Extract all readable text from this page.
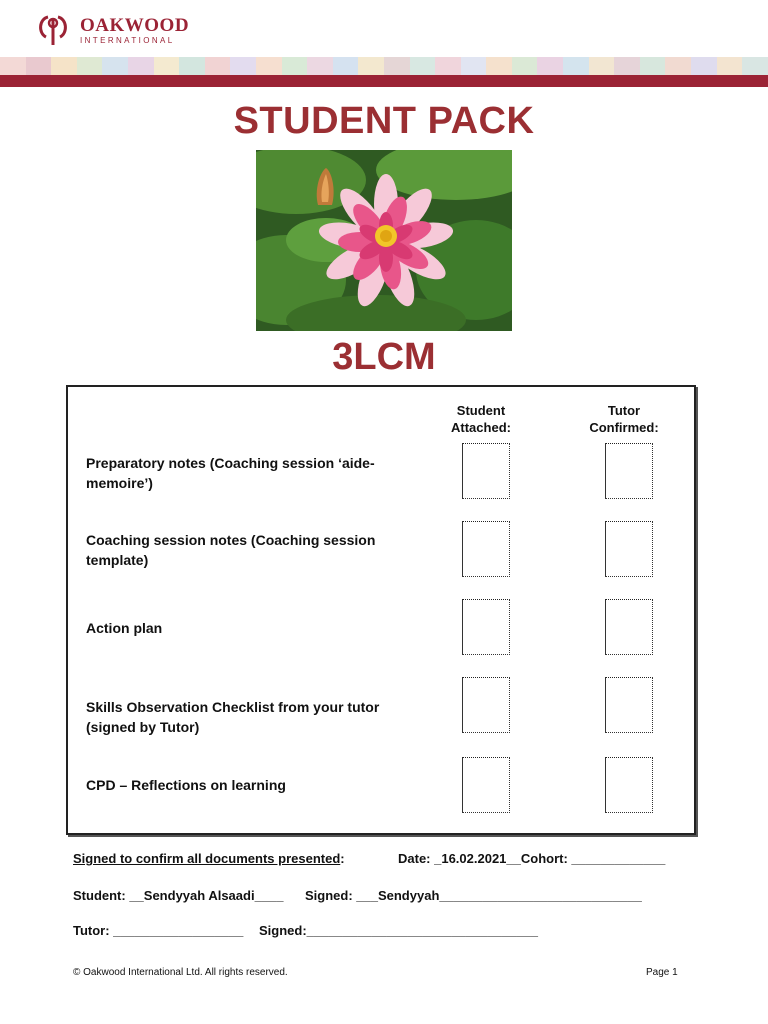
OAKWOOD
INTERNATIONAL
STUDENT PACK
3LCM
Student
Attached:
Tutor
Confirmed:
Preparatory notes (Coaching session ‘aide-memoire’)
Coaching session notes (Coaching session template)
Action plan
Skills Observation Checklist from your tutor (signed by Tutor)
CPD – Reflections on learning
Signed to confirm all documents presented:	Date: _16.02.2021__Cohort: _____________
Student: __Sendyyah Alsaadi____ Signed: ___Sendyyah____________________________
Tutor: __________________ Signed:________________________________
© Oakwood International Ltd. All rights reserved.	Page 1
